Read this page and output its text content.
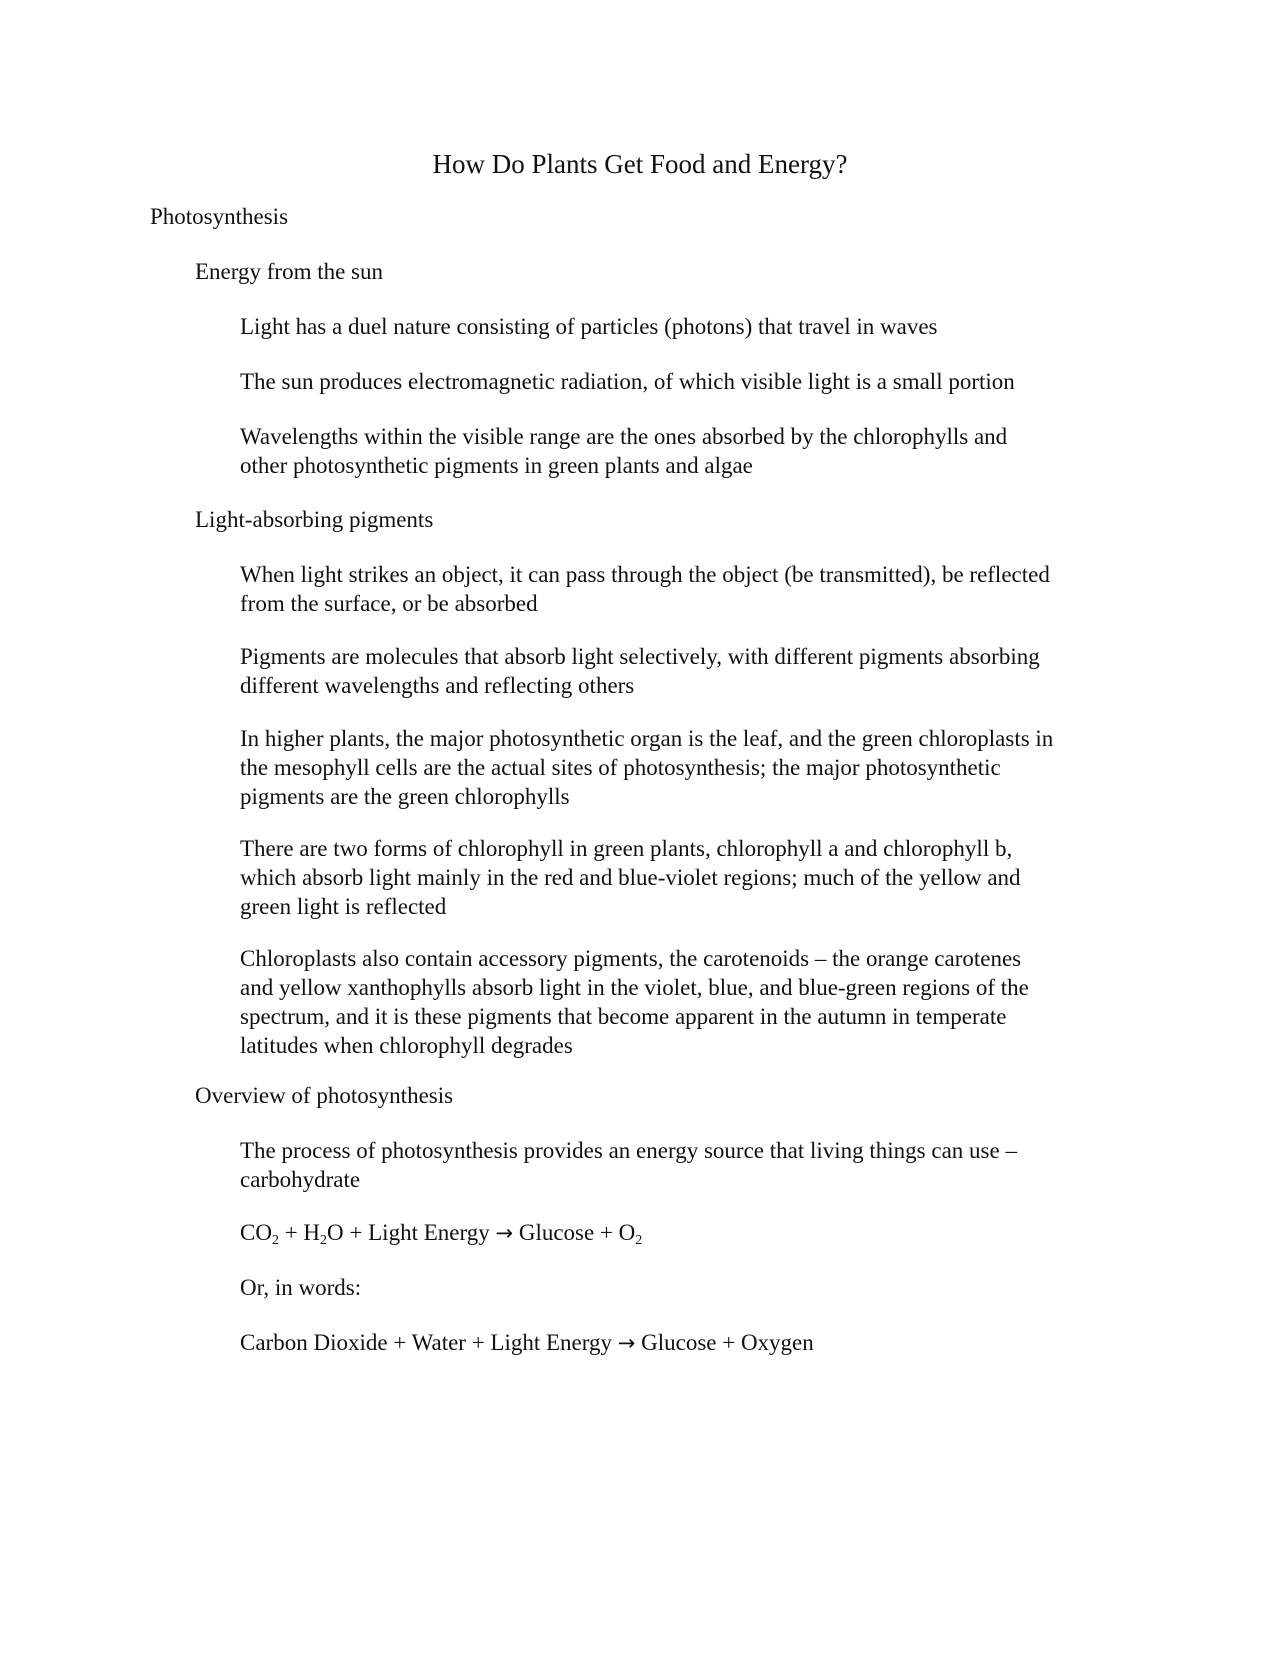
How Do Plants Get Food and Energy?
Photosynthesis
Energy from the sun
Light has a duel nature consisting of particles (photons) that travel in waves
The sun produces electromagnetic radiation, of which visible light is a small portion
Wavelengths within the visible range are the ones absorbed by the chlorophylls and
other photosynthetic pigments in green plants and algae
Light-absorbing pigments
When light strikes an object, it can pass through the object (be transmitted), be reflected
from the surface, or be absorbed
Pigments are molecules that absorb light selectively, with different pigments absorbing
different wavelengths and reflecting others
In higher plants, the major photosynthetic organ is the leaf, and the green chloroplasts in
the mesophyll cells are the actual sites of photosynthesis; the major photosynthetic
pigments are the green chlorophylls
There are two forms of chlorophyll in green plants, chlorophyll a and chlorophyll b,
which absorb light mainly in the red and blue-violet regions; much of the yellow and
green light is reflected
Chloroplasts also contain accessory pigments, the carotenoids – the orange carotenes
and yellow xanthophylls absorb light in the violet, blue, and blue-green regions of the
spectrum, and it is these pigments that become apparent in the autumn in temperate
latitudes when chlorophyll degrades
Overview of photosynthesis
The process of photosynthesis provides an energy source that living things can use –
carbohydrate
$CO_2 + H_2O$ + Light Energy → $Glucose + O_2$
Or, in words:
Carbon Dioxide + Water + Light Energy → Glucose + Oxygen
